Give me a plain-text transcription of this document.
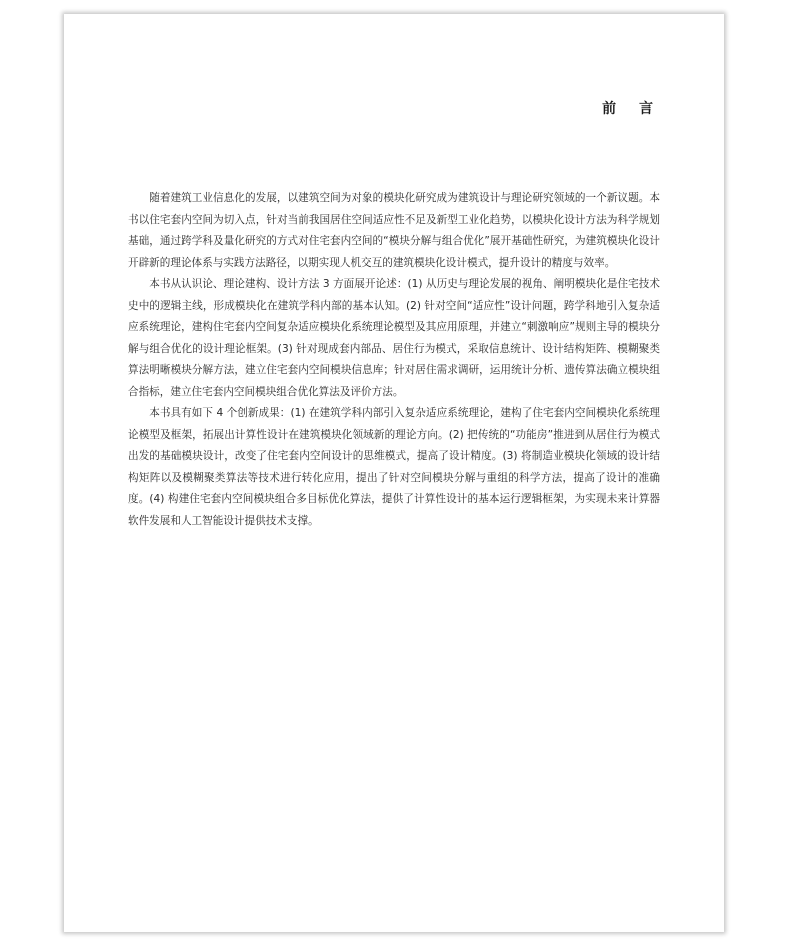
前 言

随着建筑工业信息化的发展，以建筑空间为对象的模块化研究成为建筑设计与理论研究领域的一个新议题。本书以住宅套内空间为切入点，针对当前我国居住空间适应性不足及新型工业化趋势，以模块化设计方法为科学规划基础，通过跨学科及量化研究的方式对住宅套内空间的“模块分解与组合优化”展开基础性研究，为建筑模块化设计开辟新的理论体系与实践方法路径，以期实现人机交互的建筑模块化设计模式，提升设计的精度与效率。

本书从认识论、理论建构、设计方法 3 方面展开论述：(1) 从历史与理论发展的视角、阐明模块化是住宅技术史中的逻辑主线，形成模块化在建筑学科内部的基本认知。(2) 针对空间“适应性”设计问题，跨学科地引入复杂适应系统理论，建构住宅套内空间复杂适应模块化系统理论模型及其应用原理，并建立“刺激响应”规则主导的模块分解与组合优化的设计理论框架。(3) 针对现成套内部品、居住行为模式，采取信息统计、设计结构矩阵、模糊聚类算法明晰模块分解方法，建立住宅套内空间模块信息库；针对居住需求调研，运用统计分析、遗传算法确立模块组合指标，建立住宅套内空间模块组合优化算法及评价方法。

本书具有如下 4 个创新成果：(1) 在建筑学科内部引入复杂适应系统理论，建构了住宅套内空间模块化系统理论模型及框架，拓展出计算性设计在建筑模块化领域新的理论方向。(2) 把传统的“功能房”推进到从居住行为模式出发的基础模块设计，改变了住宅套内空间设计的思维模式，提高了设计精度。(3) 将制造业模块化领域的设计结构矩阵以及模糊聚类算法等技术进行转化应用，提出了针对空间模块分解与重组的科学方法，提高了设计的准确度。(4) 构建住宅套内空间模块组合多目标优化算法，提供了计算性设计的基本运行逻辑框架，为实现未来计算器软件发展和人工智能设计提供技术支撑。
